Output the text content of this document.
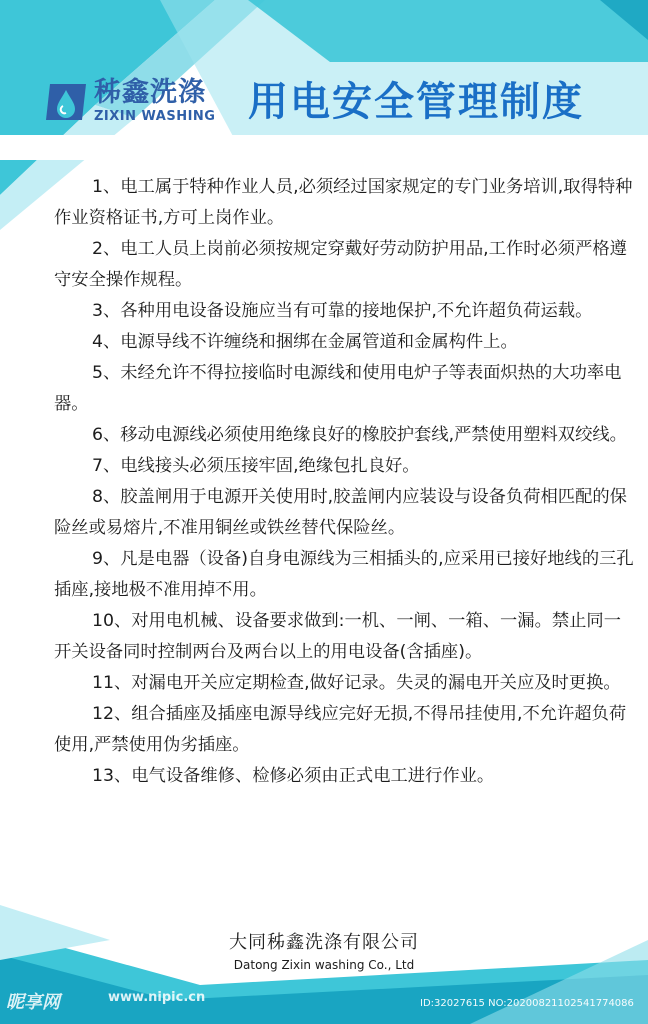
秭鑫洗涤
ZIXIN WASHING 用电安全管理制度

1、电工属于特种作业人员,必须经过国家规定的专门业务培训,取得特种作业资格证书,方可上岗作业。

2、电工人员上岗前必须按规定穿戴好劳动防护用品,工作时必须严格遵守安全操作规程。

3、各种用电设备设施应当有可靠的接地保护,不允许超负荷运载。

4、电源导线不许缠绕和捆绑在金属管道和金属构件上。

5、未经允许不得拉接临时电源线和使用电炉子等表面炽热的大功率电器。

6、移动电源线必须使用绝缘良好的橡胶护套线,严禁使用塑料双绞线。

7、电线接头必须压接牢固,绝缘包扎良好。

8、胶盖闸用于电源开关使用时,胶盖闸内应装设与设备负荷相匹配的保险丝或易熔片,不准用铜丝或铁丝替代保险丝。

9、凡是电器（设备)自身电源线为三相插头的,应采用已接好地线的三孔插座,接地极不准用掉不用。

10、对用电机械、设备要求做到:一机、一闸、一箱、一漏。禁止同一开关设备同时控制两台及两台以上的用电设备(含插座)。

11、对漏电开关应定期检查,做好记录。失灵的漏电开关应及时更换。

12、组合插座及插座电源导线应完好无损,不得吊挂使用,不允许超负荷使用,严禁使用伪劣插座。

13、电气设备维修、检修必须由正式电工进行作业。

大同秭鑫洗涤有限公司
Datong Zixin washing Co., Ltd
昵享网	www.nipic.cn	ID:32027615 NO:20200821102541774086
